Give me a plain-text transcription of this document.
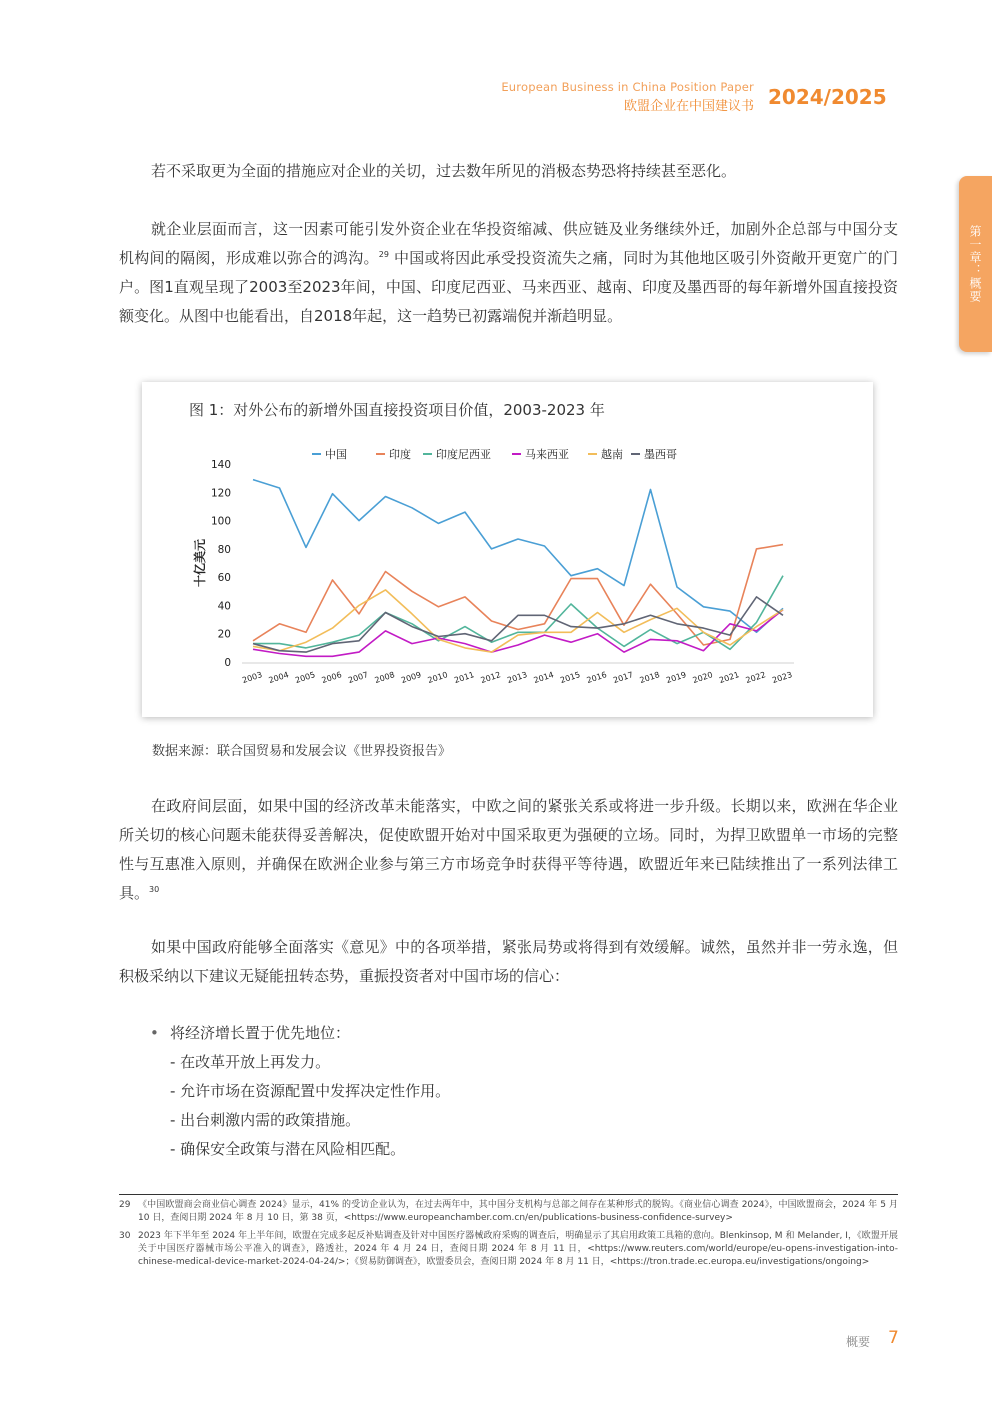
European Business in China Position Paper
欧盟企业在中国建议书 2024/2025
第一章：概要

若不采取更为全面的措施应对企业的关切，过去数年所见的消极态势恐将持续甚至恶化。

就企业层面而言，这一因素可能引发外资企业在华投资缩减、供应链及业务继续外迁，加剧外企总部与中国分支机构间的隔阂，形成难以弥合的鸿沟。$^{29}$ 中国或将因此承受投资流失之痛，同时为其他地区吸引外资敞开更宽广的门户。图1直观呈现了2003至2023年间，中国、印度尼西亚、马来西亚、越南、印度及墨西哥的每年新增外国直接投资额变化。从图中也能看出，自2018年起，这一趋势已初露端倪并渐趋明显。

图 1：对外公布的新增外国直接投资项目价值，2003-2023 年
0
20
40
60
80
100
120
140
十亿美元
2003 2004 2005 2006 2007 2008 2009 2010 2011 2012 2013 2014 2015 2016 2017 2018 2019 2020 2021 2022 2023
中国	印度 印度尼西亚	马来西亚	越南 墨西哥
数据来源：联合国贸易和发展会议《世界投资报告》

在政府间层面，如果中国的经济改革未能落实，中欧之间的紧张关系或将进一步升级。长期以来，欧洲在华企业所关切的核心问题未能获得妥善解决，促使欧盟开始对中国采取更为强硬的立场。同时，为捍卫欧盟单一市场的完整性与互惠准入原则，并确保在欧洲企业参与第三方市场竞争时获得平等待遇，欧盟近年来已陆续推出了一系列法律工具。$^{30}$

如果中国政府能够全面落实《意见》中的各项举措，紧张局势或将得到有效缓解。诚然，虽然并非一劳永逸，但积极采纳以下建议无疑能扭转态势，重振投资者对中国市场的信心：

• 将经济增长置于优先地位：
- 在改革开放上再发力。
- 允许市场在资源配置中发挥决定性作用。
- 出台刺激内需的政策措施。
- 确保安全政策与潜在风险相匹配。
29 《中国欧盟商会商业信心调查 2024》显示，41% 的受访企业认为，在过去两年中，其中国分支机构与总部之间存在某种形式的脱钩。《商业信心调查 2024》，中国欧盟商会，2024 年 5 月 10 日，查阅日期 2024 年 8 月 10 日，第 38 页，<https://www.europeanchamber.com.cn/en/publications-business-confidence-survey>
30 2023 年下半年至 2024 年上半年间，欧盟在完成多起反补贴调查及针对中国医疗器械政府采购的调查后，明确显示了其启用政策工具箱的意向。Blenkinsop, M 和 Melander, I，《欧盟开展关于中国医疗器械市场公平准入的调查》，路透社，2024 年 4 月 24 日，查阅日期 2024 年 8 月 11 日，<https://www.reuters.com/world/europe/eu-opens-investigation-into-chinese-medical-device-market-2024-04-24/>；《贸易防御调查》，欧盟委员会，查阅日期 2024 年 8 月 11 日，<https://tron.trade.ec.europa.eu/investigations/ongoing>
概要 7
